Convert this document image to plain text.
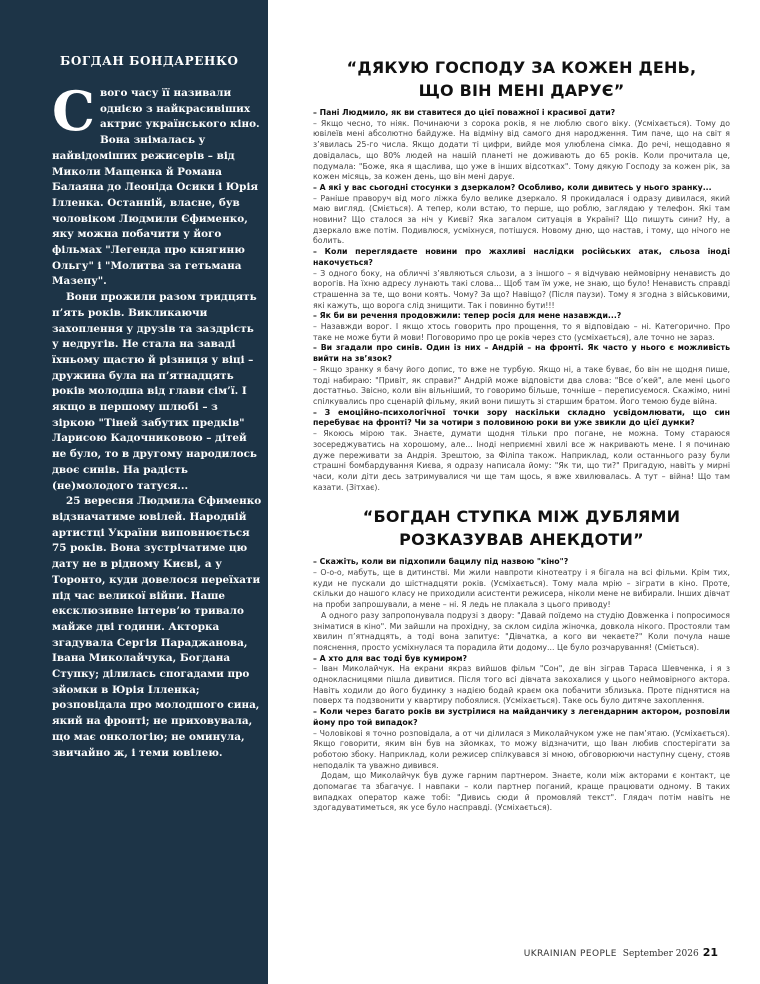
БОГДАН БОНДАРЕНКО

Свого часу її називали однією з найкрасивіших актрис українського кіно. Вона знімалась у найвідоміших режисерів – від Миколи Мащенка й Романа Балаяна до Леоніда Осики і Юрія Ілленка. Останній, власне, був чоловіком Людмили Єфименко, яку можна побачити у його фільмах "Легенда про княгиню Ольгу" і "Молитва за гетьмана Мазепу".

Вони прожили разом тридцять п’ять років. Викликаючи захоплення у друзів та заздрість у недругів. Не стала на заваді їхньому щастю й різниця у віці – дружина була на п’ятнадцять років молодша від глави сім’ї. І якщо в першому шлюбі – з зіркою "Тіней забутих предків" Ларисою Кадочниковою – дітей не було, то в другому народилось двоє синів. На радість (не)молодого татуся...

25 вересня Людмила Єфименко відзначатиме ювілей. Народній артистці України виповнюється 75 років. Вона зустрічатиме цю дату не в рідному Києві, а у Торонто, куди довелося переїхати під час великої війни. Наше ексклюзивне інтерв’ю тривало майже дві години. Акторка згадувала Сергія Параджанова, Івана Миколайчука, Богдана Ступку; ділилась спогадами про зйомки в Юрія Ілленка; розповідала про молодшого сина, який на фронті; не приховувала, що має онкологію; не оминула, звичайно ж, і теми ювілею.

“ДЯКУЮ ГОСПОДУ ЗА КОЖЕН ДЕНЬ,
ЩО ВІН МЕНІ ДАРУЄ”

– Пані Людмило, як ви ставитеся до цієї поважної і красивої дати?

– Якщо чесно, то ніяк. Починаючи з сорока років, я не люблю свого віку. (Усміхається). Тому до ювілеїв мені абсолютно байдуже. На відміну від самого дня народження. Тим паче, що на світ я з’явилась 25-го числа. Якщо додати ті цифри, вийде моя улюблена сімка. До речі, нещодавно я довідалась, що 80% людей на нашій планеті не доживають до 65 років. Коли прочитала це, подумала: "Боже, яка я щаслива, що уже в інших відсотках". Тому дякую Господу за кожен рік, за кожен місяць, за кожен день, що він мені дарує.

– А які у вас сьогодні стосунки з дзеркалом? Особливо, коли дивитесь у нього зранку...

– Раніше праворуч від мого ліжка було велике дзеркало. Я прокидалася і одразу дивилася, який маю вигляд. (Сміється). А тепер, коли встаю, то перше, що роблю, заглядаю у телефон. Які там новини? Що сталося за ніч у Києві? Яка загалом ситуація в Україні? Що пишуть сини? Ну, а дзеркало вже потім. Подивлюся, усміхнуся, потішуся. Новому дню, що настав, і тому, що нічого не болить.

– Коли переглядаєте новини про жахливі наслідки російських атак, сльоза іноді накочується?

– З одного боку, на обличчі з’являються сльози, а з іншого – я відчуваю неймовірну ненависть до ворогів. На їхню адресу лунають такі слова... Щоб там їм уже, не знаю, що було! Ненависть справді страшенна за те, що вони коять. Чому? За що? Навіщо? (Після паузи). Тому я згодна з військовими, які кажуть, що ворога слід знищити. Так і повинно бути!!!

– Як би ви речення продовжили: тепер росія для мене назавжди...?

– Назавжди ворог. І якщо хтось говорить про прощення, то я відповідаю – ні. Категорично. Про таке не може бути й мови! Поговоримо про це років через сто (усміхається), але точно не зараз.

– Ви згадали про синів. Один із них – Андрій – на фронті. Як часто у нього є можливість вийти на зв’язок?

– Якщо зранку я бачу його допис, то вже не турбую. Якщо ні, а таке буває, бо він не щодня пише, тоді набираю: "Привіт, як справи?" Андрій може відповісти два слова: "Все о’кей", але мені цього достатньо. Звісно, коли він вільніший, то говоримо більше, точніше – переписуємося. Скажімо, нині спілкувались про сценарій фільму, який вони пишуть зі старшим братом. Його темою буде війна.

– З емоційно-психологічної точки зору наскільки складно усвідомлювати, що син перебуває на фронті? Чи за чотири з половиною роки ви уже звикли до цієї думки?

– Якоюсь мірою так. Знаєте, думати щодня тільки про погане, не можна. Тому стараюся зосереджуватись на хорошому, але... Іноді неприємні хвилі все ж накривають мене. І я починаю дуже переживати за Андрія. Зрештою, за Філіпа також. Наприклад, коли останнього разу були страшні бомбардування Києва, я одразу написала йому: "Як ти, що ти?" Пригадую, навіть у мирні часи, коли діти десь затримувалися чи ще там щось, я вже хвилювалась. А тут – війна! Що там казати. (Зітхає).

“БОГДАН СТУПКА МІЖ ДУБЛЯМИ
РОЗКАЗУВАВ АНЕКДОТИ”

– Скажіть, коли ви підхопили бацилу під назвою "кіно"?

– О-о-о, мабуть, ще в дитинстві. Ми жили навпроти кінотеатру і я бігала на всі фільми. Крім тих, куди не пускали до шістнадцяти років. (Усміхається). Тому мала мрію – зіграти в кіно. Проте, скільки до нашого класу не приходили асистенти режисера, ніколи мене не вибирали. Інших дівчат на проби запрошували, а мене – ні. Я ледь не плакала з цього приводу!

А одного разу запропонувала подрузі з двору: "Давай поїдемо на студію Довженка і попросимося зніматися в кіно". Ми зайшли на прохідну, за склом сиділа жіночка, довкола нікого. Простояли там хвилин п’ятнадцять, а тоді вона запитує: "Дівчатка, а кого ви чекаєте?" Коли почула наше пояснення, просто усміхнулася та порадила йти додому... Це було розчарування! (Сміється).

– А хто для вас тоді був кумиром?

– Іван Миколайчук. На екрани якраз вийшов фільм "Сон", де він зіграв Тараса Шевченка, і я з однокласницями пішла дивитися. Після того всі дівчата закохалися у цього неймовірного актора. Навіть ходили до його будинку з надією бодай краєм ока побачити зблизька. Проте піднятися на поверх та подзвонити у квартиру побоялися. (Усміхається). Таке ось було дитяче захоплення.

– Коли через багато років ви зустрілися на майданчику з легендарним актором, розповіли йому про той випадок?

– Чоловікові я точно розповідала, а от чи ділилася з Миколайчуком уже не пам’ятаю. (Усміхається). Якщо говорити, яким він був на зйомках, то можу відзначити, що Іван любив спостерігати за роботою збоку. Наприклад, коли режисер спілкувався зі мною, обговорюючи наступну сцену, стояв неподалік та уважно дивився.

Додам, що Миколайчук був дуже гарним партнером. Знаєте, коли між акторами є контакт, це допомагає та збагачує. І навпаки – коли партнер поганий, краще працювати одному. В таких випадках оператор каже тобі: "Дивись сюди й промовляй текст". Глядач потім навіть не здогадуватиметься, як усе було насправді. (Усміхається).

UKRAINIAN PEOPLE September 2026 21
